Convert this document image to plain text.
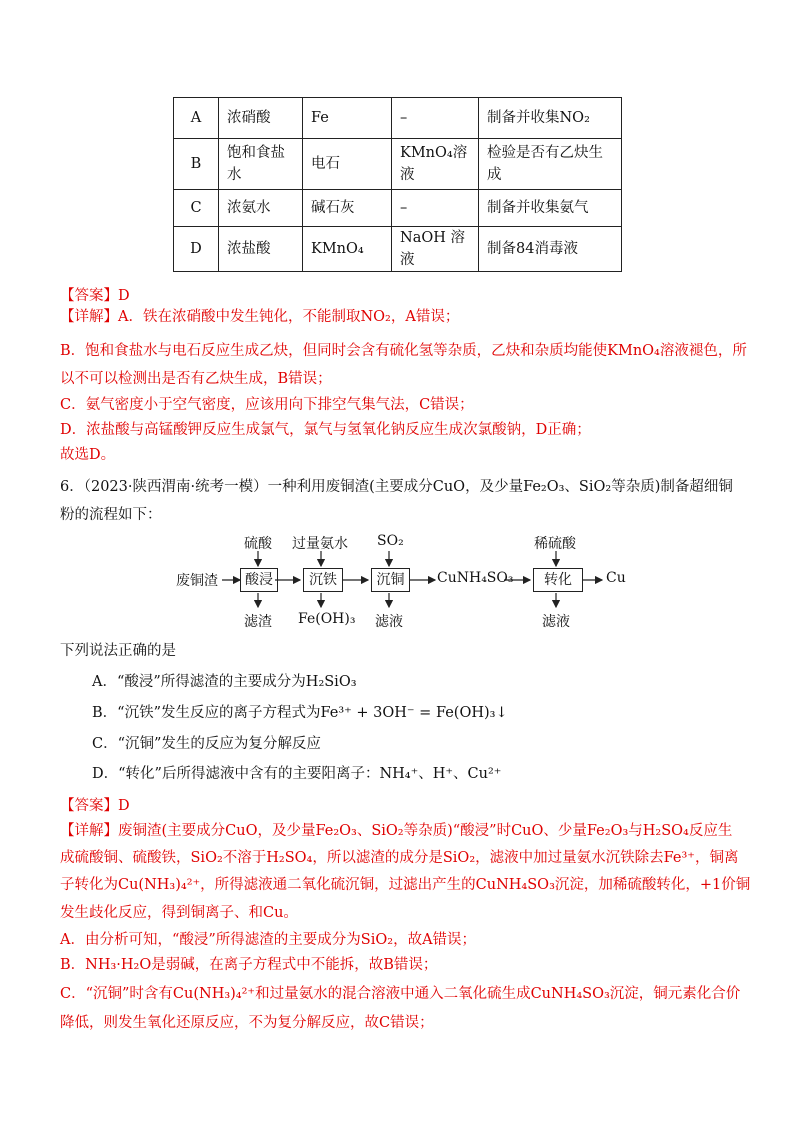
A	浓硝酸	Fe	–	制备并收集NO₂
B	饱和食盐水	电石	KMnO₄溶液	检验是否有乙炔生成
C	浓氨水	碱石灰	–	制备并收集氨气
D	浓盐酸	KMnO₄	NaOH 溶液	制备84消毒液
【答案】D
【详解】A．铁在浓硝酸中发生钝化，不能制取NO₂，A错误；
B．饱和食盐水与电石反应生成乙炔，但同时会含有硫化氢等杂质，乙炔和杂质均能使KMnO₄溶液褪色，所
以不可以检测出是否有乙炔生成，B错误；
C．氨气密度小于空气密度，应该用向下排空气集气法，C错误；
D．浓盐酸与高锰酸钾反应生成氯气，氯气与氢氧化钠反应生成次氯酸钠，D正确；
故选D。
6．（2023·陕西渭南·统考一模）一种利用废铜渣(主要成分CuO，及少量Fe₂O₃、SiO₂等杂质)制备超细铜
粉的流程如下：
废铜渣	酸浸	沉铁	沉铜	CuNH₄SO₃	转化	Cu
硫酸 过量氨水 SO₂	稀硫酸
滤渣 Fe(OH)₃ 滤液	滤液
下列说法正确的是
A．“酸浸”所得滤渣的主要成分为H₂SiO₃
B．“沉铁”发生反应的离子方程式为Fe³⁺ + 3OH⁻ = Fe(OH)₃↓
C．“沉铜”发生的反应为复分解反应
D．“转化”后所得滤液中含有的主要阳离子：NH₄⁺、H⁺、Cu²⁺
【答案】D
【详解】废铜渣(主要成分CuO，及少量Fe₂O₃、SiO₂等杂质)“酸浸”时CuO、少量Fe₂O₃与H₂SO₄反应生
成硫酸铜、硫酸铁，SiO₂不溶于H₂SO₄，所以滤渣的成分是SiO₂，滤液中加过量氨水沉铁除去Fe³⁺，铜离
子转化为Cu(NH₃)₄²⁺，所得滤液通二氧化硫沉铜，过滤出产生的CuNH₄SO₃沉淀，加稀硫酸转化，+1价铜
发生歧化反应，得到铜离子、和Cu。
A．由分析可知，“酸浸”所得滤渣的主要成分为SiO₂，故A错误；
B．NH₃·H₂O是弱碱，在离子方程式中不能拆，故B错误；
C．“沉铜”时含有Cu(NH₃)₄²⁺和过量氨水的混合溶液中通入二氧化硫生成CuNH₄SO₃沉淀，铜元素化合价
降低，则发生氧化还原反应，不为复分解反应，故C错误；
